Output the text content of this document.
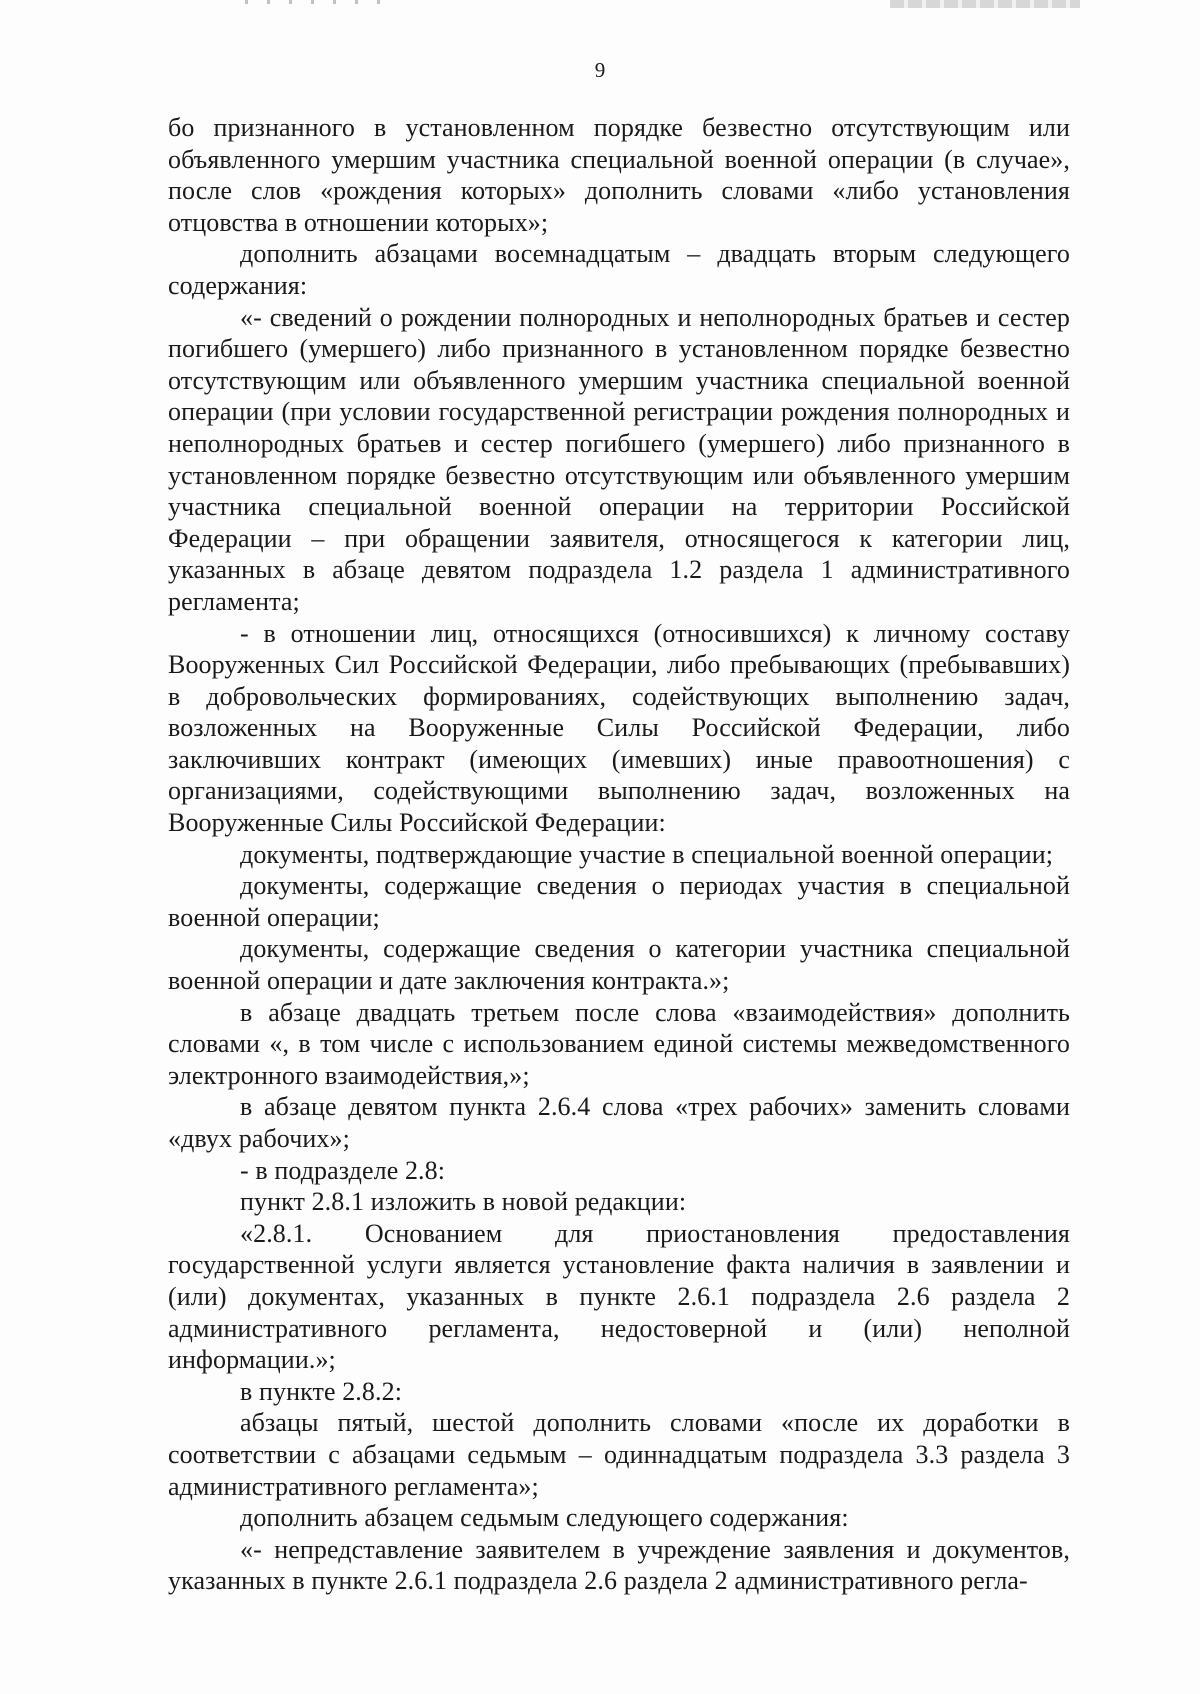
9

бо признанного в установленном порядке безвестно отсутствующим или объявленного умершим участника специальной военной операции (в случае», после слов «рождения которых» дополнить словами «либо установления отцовства в отношении которых»;

дополнить абзацами восемнадцатым – двадцать вторым следующего содержания:

«- сведений о рождении полнородных и неполнородных братьев и сестер погибшего (умершего) либо признанного в установленном порядке безвестно отсутствующим или объявленного умершим участника специальной военной операции (при условии государственной регистрации рождения полнородных и неполнородных братьев и сестер погибшего (умершего) либо признанного в установленном порядке безвестно отсутствующим или объявленного умершим участника специальной военной операции на территории Российской Федерации – при обращении заявителя, относящегося к категории лиц, указанных в абзаце девятом подраздела 1.2 раздела 1 административного регламента;

- в отношении лиц, относящихся (относившихся) к личному составу Вооруженных Сил Российской Федерации, либо пребывающих (пребывавших) в добровольческих формированиях, содействующих выполнению задач, возложенных на Вооруженные Силы Российской Федерации, либо заключивших контракт (имеющих (имевших) иные правоотношения) с организациями, содействующими выполнению задач, возложенных на Вооруженные Силы Российской Федерации:

документы, подтверждающие участие в специальной военной операции;

документы, содержащие сведения о периодах участия в специальной военной операции;

документы, содержащие сведения о категории участника специальной военной операции и дате заключения контракта.»;

в абзаце двадцать третьем после слова «взаимодействия» дополнить словами «, в том числе с использованием единой системы межведомственного электронного взаимодействия,»;

в абзаце девятом пункта 2.6.4 слова «трех рабочих» заменить словами «двух рабочих»;

- в подразделе 2.8:

пункт 2.8.1 изложить в новой редакции:

«2.8.1. Основанием для приостановления предоставления государственной услуги является установление факта наличия в заявлении и (или) документах, указанных в пункте 2.6.1 подраздела 2.6 раздела 2 административного регламента, недостоверной и (или) неполной информации.»;

в пункте 2.8.2:

абзацы пятый, шестой дополнить словами «после их доработки в соответствии с абзацами седьмым – одиннадцатым подраздела 3.3 раздела 3 административного регламента»;

дополнить абзацем седьмым следующего содержания:

«- непредставление заявителем в учреждение заявления и документов, указанных в пункте 2.6.1 подраздела 2.6 раздела 2 административного регла-
